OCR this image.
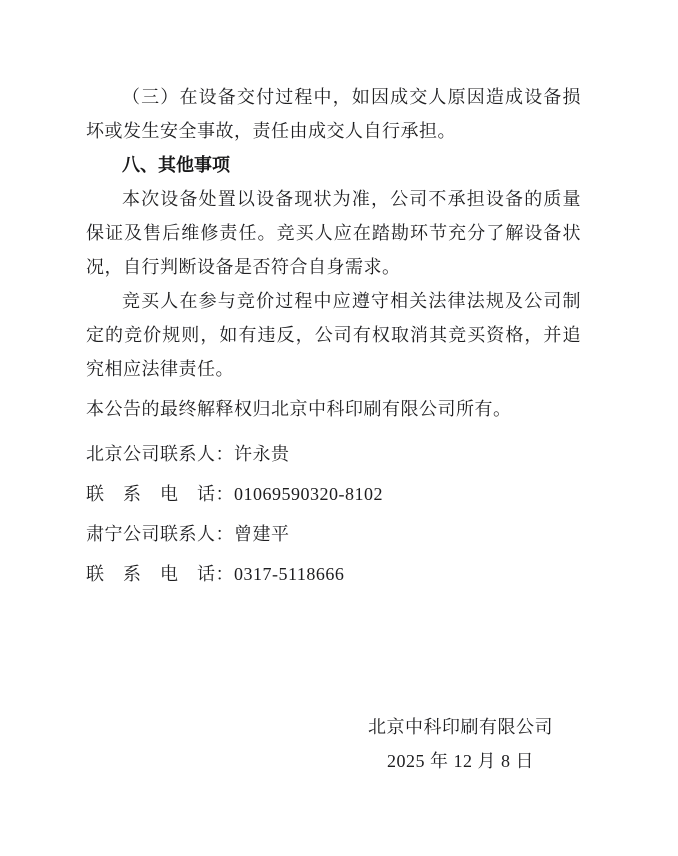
（三）在设备交付过程中，如因成交人原因造成设备损坏或发生安全事故，责任由成交人自行承担。

八、其他事项

本次设备处置以设备现状为准，公司不承担设备的质量保证及售后维修责任。竞买人应在踏勘环节充分了解设备状况，自行判断设备是否符合自身需求。

竞买人在参与竞价过程中应遵守相关法律法规及公司制定的竞价规则，如有违反，公司有权取消其竞买资格，并追究相应法律责任。

本公告的最终解释权归北京中科印刷有限公司所有。

北京公司联系人：许永贵
联　系　电　话：01069590320-8102
肃宁公司联系人：曾建平
联　系　电　话：0317-5118666
北京中科印刷有限公司
2025 年 12 月 8 日
